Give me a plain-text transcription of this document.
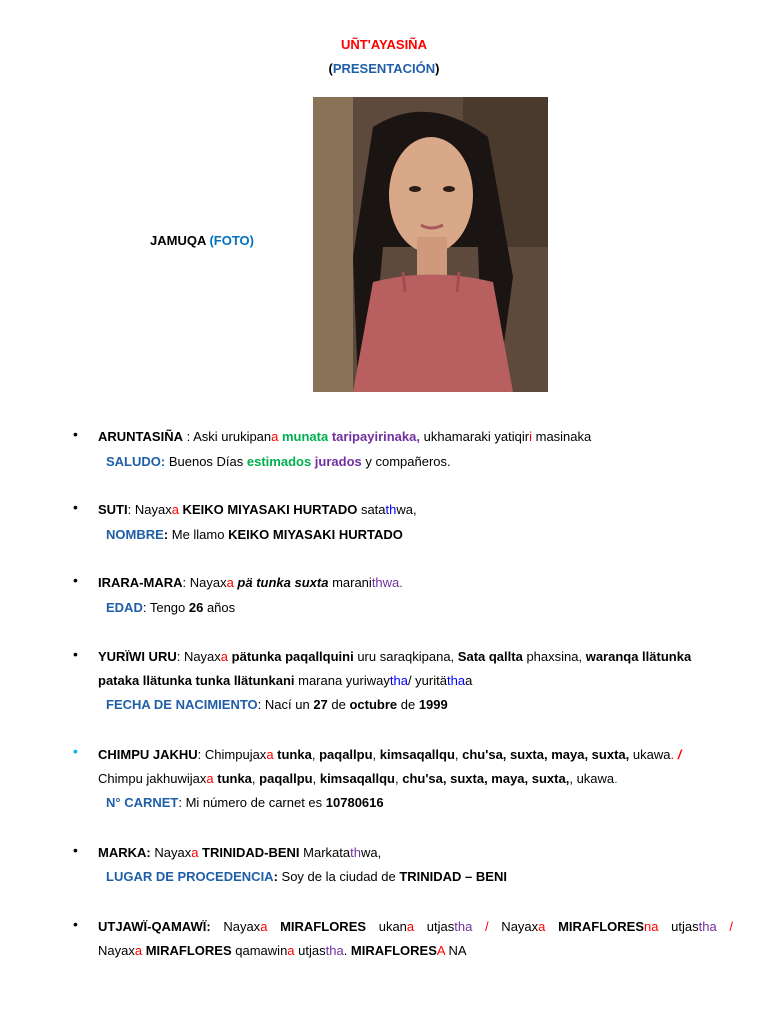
UÑT'AYASIÑA
(PRESENTACIÓN)
JAMUQA (FOTO)
• ARUNTASIÑA : Aski urukipana munata taripayirinaka, ukhamaraki yatiqiri masinaka
SALUDO: Buenos Días estimados jurados y compañeros.
• SUTI: Nayaxa KEIKO MIYASAKI HURTADO satathwa,
NOMBRE: Me llamo KEIKO MIYASAKI HURTADO
• IRARA-MARA: Nayaxa pä tunka suxta maranithwa.
EDAD: Tengo 26 años
• YURÏWI URU: Nayaxa pätunka paqallquini uru saraqkipana, Sata qallta phaxsina, waranqa llätunka
pataka llätunka tunka llätunkani marana yuriwaytha/ yuritäthaa
FECHA DE NACIMIENTO: Nací un 27 de octubre de 1999
• CHIMPU JAKHU: Chimpujaxa tunka, paqallpu, kimsaqallqu, chu'sa, suxta, maya, suxta, ukawa. /
Chimpu jakhuwijaxa tunka, paqallpu, kimsaqallqu, chu'sa, suxta, maya, suxta,, ukawa.
N° CARNET: Mi número de carnet es 10780616
• MARKA: Nayaxa TRINIDAD-BENI Markatathwa,
LUGAR DE PROCEDENCIA: Soy de la ciudad de TRINIDAD – BENI
• UTJAWÏ-QAMAWÏ: Nayaxa MIRAFLORES ukana utjastha / Nayaxa MIRAFLORESna utjastha /
Nayaxa MIRAFLORES qamawina utjastha. MIRAFLORESA NA
